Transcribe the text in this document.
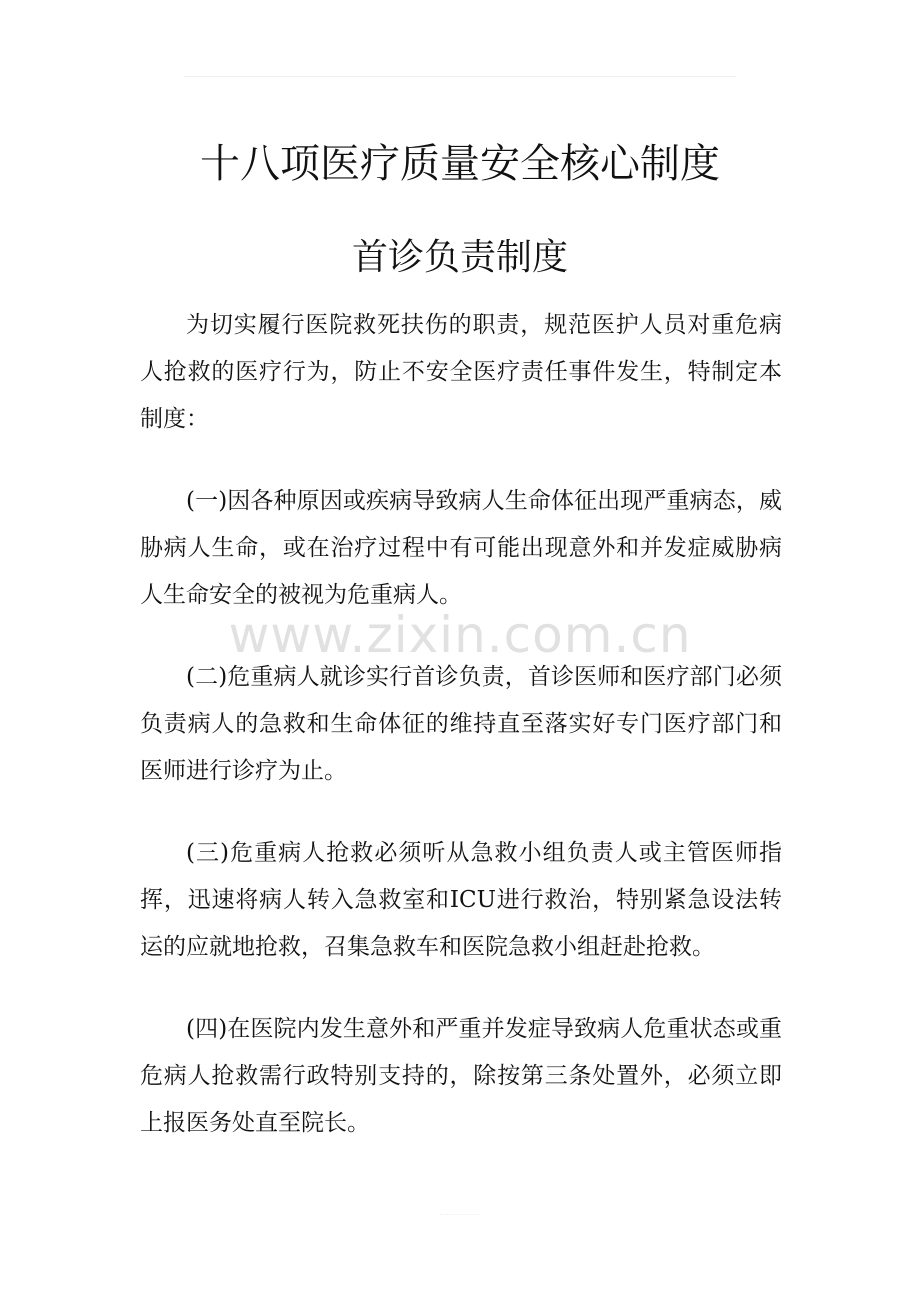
十八项医疗质量安全核心制度
首诊负责制度

为切实履行医院救死扶伤的职责，规范医护人员对重危病人抢救的医疗行为，防止不安全医疗责任事件发生，特制定本制度：

(一)因各种原因或疾病导致病人生命体征出现严重病态，威胁病人生命，或在治疗过程中有可能出现意外和并发症威胁病人生命安全的被视为危重病人。

www.zixin.com.cn

(二)危重病人就诊实行首诊负责，首诊医师和医疗部门必须负责病人的急救和生命体征的维持直至落实好专门医疗部门和医师进行诊疗为止。

(三)危重病人抢救必须听从急救小组负责人或主管医师指挥，迅速将病人转入急救室和ICU进行救治，特别紧急设法转运的应就地抢救，召集急救车和医院急救小组赶赴抢救。

(四)在医院内发生意外和严重并发症导致病人危重状态或重危病人抢救需行政特别支持的，除按第三条处置外，必须立即上报医务处直至院长。
